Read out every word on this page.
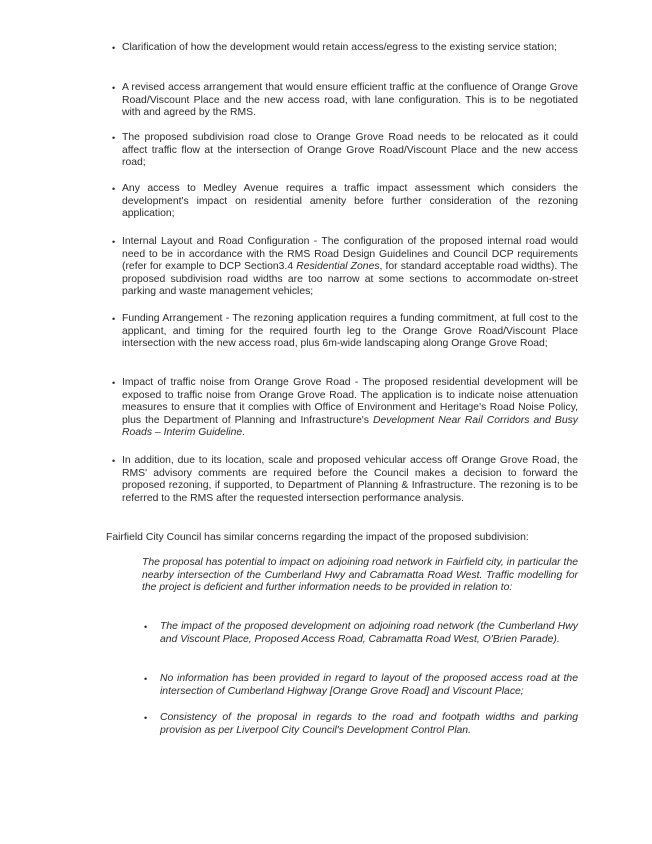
• Clarification of how the development would retain access/egress to the existing service station;
• A revised access arrangement that would ensure efficient traffic at the confluence of Orange Grove Road/Viscount Place and the new access road, with lane configuration. This is to be negotiated with and agreed by the RMS.
• The proposed subdivision road close to Orange Grove Road needs to be relocated as it could affect traffic flow at the intersection of Orange Grove Road/Viscount Place and the new access road;
• Any access to Medley Avenue requires a traffic impact assessment which considers the development's impact on residential amenity before further consideration of the rezoning application;
• Internal Layout and Road Configuration - The configuration of the proposed internal road would need to be in accordance with the RMS Road Design Guidelines and Council DCP requirements (refer for example to DCP Section3.4 Residential Zones, for standard acceptable road widths). The proposed subdivision road widths are too narrow at some sections to accommodate on-street parking and waste management vehicles;
• Funding Arrangement - The rezoning application requires a funding commitment, at full cost to the applicant, and timing for the required fourth leg to the Orange Grove Road/Viscount Place intersection with the new access road, plus 6m-wide landscaping along Orange Grove Road;
• Impact of traffic noise from Orange Grove Road - The proposed residential development will be exposed to traffic noise from Orange Grove Road. The application is to indicate noise attenuation measures to ensure that it complies with Office of Environment and Heritage's Road Noise Policy, plus the Department of Planning and Infrastructure's Development Near Rail Corridors and Busy Roads – Interim Guideline.
• In addition, due to its location, scale and proposed vehicular access off Orange Grove Road, the RMS' advisory comments are required before the Council makes a decision to forward the proposed rezoning, if supported, to Department of Planning & Infrastructure. The rezoning is to be referred to the RMS after the requested intersection performance analysis.
Fairfield City Council has similar concerns regarding the impact of the proposed subdivision:
The proposal has potential to impact on adjoining road network in Fairfield city, in particular the nearby intersection of the Cumberland Hwy and Cabramatta Road West. Traffic modelling for the project is deficient and further information needs to be provided in relation to:
• The impact of the proposed development on adjoining road network (the Cumberland Hwy and Viscount Place, Proposed Access Road, Cabramatta Road West, O'Brien Parade).
• No information has been provided in regard to layout of the proposed access road at the intersection of Cumberland Highway [Orange Grove Road] and Viscount Place;
• Consistency of the proposal in regards to the road and footpath widths and parking provision as per Liverpool City Council's Development Control Plan.
